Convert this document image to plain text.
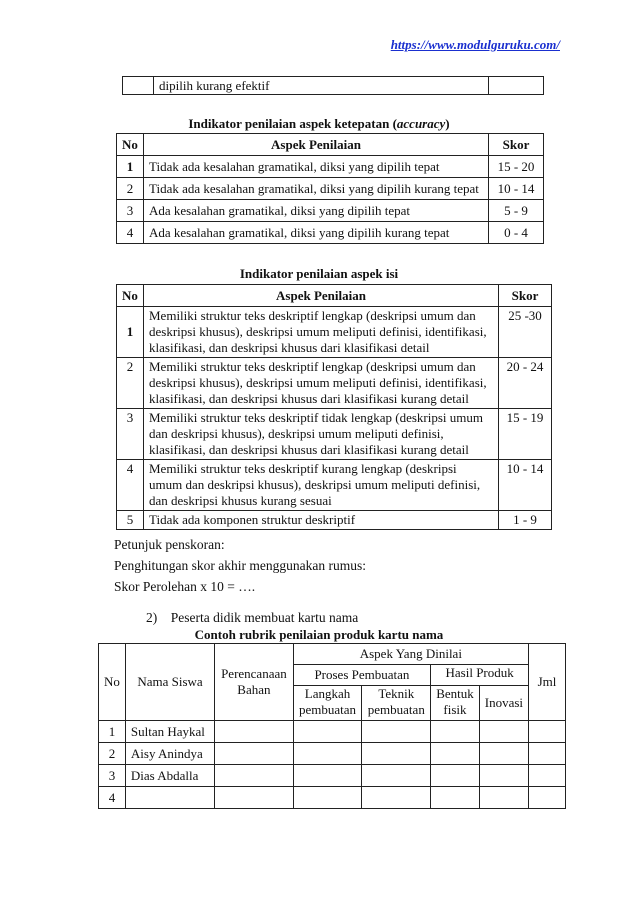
https://www.modulguruku.com/
	dipilih kurang efektif	
Indikator penilaian aspek ketepatan (accuracy)
No	Aspek Penilaian	Skor
1	Tidak ada kesalahan gramatikal, diksi yang dipilih tepat	15 - 20
2	Tidak ada kesalahan gramatikal, diksi yang dipilih kurang tepat	10 - 14
3	Ada kesalahan gramatikal, diksi yang dipilih tepat	5 - 9
4	Ada kesalahan gramatikal, diksi yang dipilih kurang tepat	0 - 4
Indikator penilaian aspek isi
No	Aspek Penilaian	Skor
1	Memiliki struktur teks deskriptif lengkap (deskripsi umum dan deskripsi khusus), deskripsi umum meliputi definisi, identifikasi, klasifikasi, dan deskripsi khusus dari klasifikasi detail	25 -30
2	Memiliki struktur teks deskriptif lengkap (deskripsi umum dan deskripsi khusus), deskripsi umum meliputi definisi, identifikasi, klasifikasi, dan deskripsi khusus dari klasifikasi kurang detail	20 - 24
3	Memiliki struktur teks deskriptif tidak lengkap (deskripsi umum dan deskripsi khusus), deskripsi umum meliputi definisi, klasifikasi, dan deskripsi khusus dari klasifikasi kurang detail	15 - 19
4	Memiliki struktur teks deskriptif kurang lengkap (deskripsi umum dan deskripsi khusus), deskripsi umum meliputi definisi, dan deskripsi khusus kurang sesuai	10 - 14
5	Tidak ada komponen struktur deskriptif	1 - 9
Petunjuk penskoran:
Penghitungan skor akhir menggunakan rumus:
Skor Perolehan x 10 = ….
2)    Peserta didik membuat kartu nama
Contoh rubrik penilaian produk kartu nama
No	Nama Siswa	Perencanaan Bahan	Aspek Yang Dinilai				Jml
			Proses Pembuatan		Hasil Produk		
			Langkah pembuatan	Teknik pembuatan	Bentuk fisik	Inovasi	
1	Sultan Haykal						
2	Aisy Anindya						
3	Dias Abdalla						
4							
